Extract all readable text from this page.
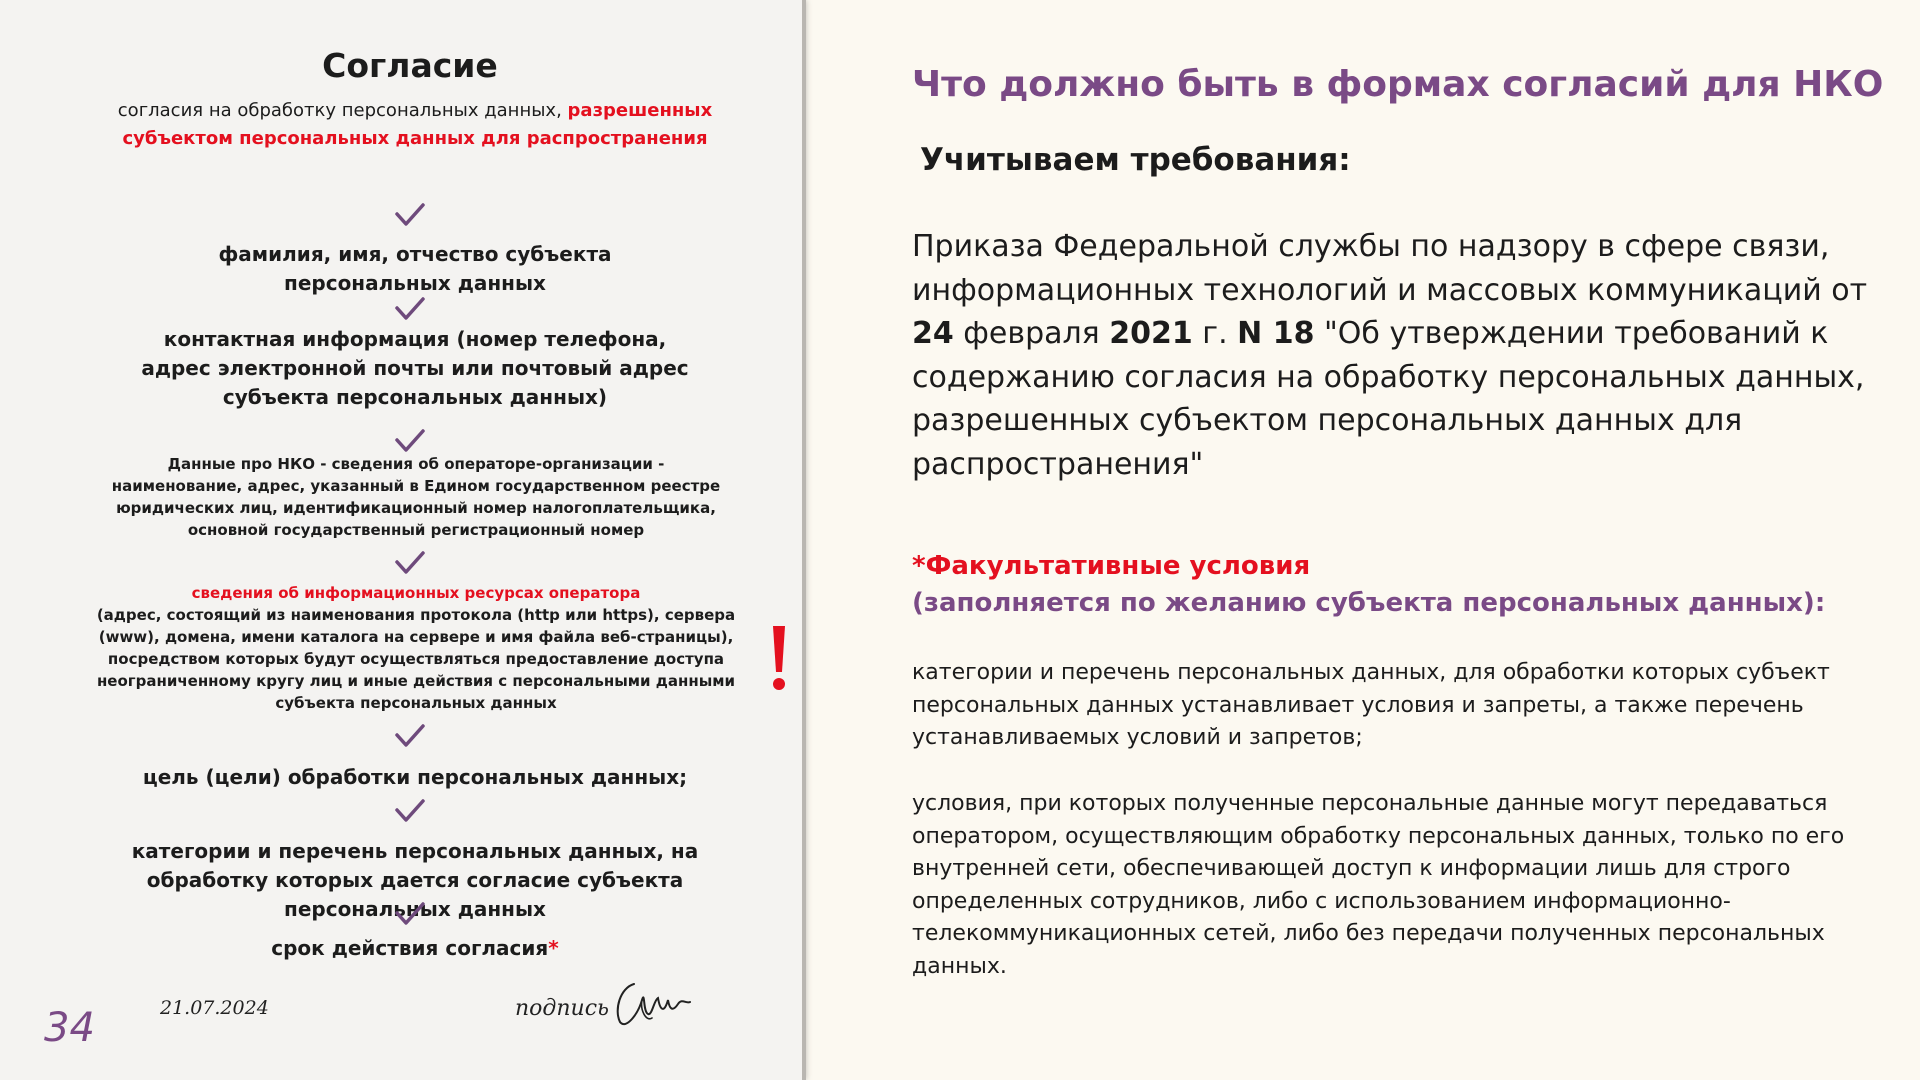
Согласие
согласия на обработку персональных данных, разрешенных субъектом персональных данных для распространения
фамилия, имя, отчество субъекта персональных данных
контактная информация (номер телефона, адрес электронной почты или почтовый адрес субъекта персональных данных)
Данные про НКО - сведения об операторе-организации - наименование, адрес, указанный в Едином государственном реестре юридических лиц, идентификационный номер налогоплательщика, основной государственный регистрационный номер
сведения об информационных ресурсах оператора
(адрес, состоящий из наименования протокола (http или https), сервера (www), домена, имени каталога на сервере и имя файла веб-страницы), посредством которых будут осуществляться предоставление доступа неограниченному кругу лиц и иные действия с персональными данными субъекта персональных данных
цель (цели) обработки персональных данных;
категории и перечень персональных данных, на обработку которых дается согласие субъекта персональных данных
срок действия согласия*
21.07.2024	подпись
34
Что должно быть в формах согласий для НКО
Учитываем требования:
Приказа Федеральной службы по надзору в сфере связи, информационных технологий и массовых коммуникаций от 24 февраля 2021 г. N 18 "Об утверждении требований к содержанию согласия на обработку персональных данных, разрешенных субъектом персональных данных для распространения"
*Факультативные условия
(заполняется по желанию субъекта персональных данных):
категории и перечень персональных данных, для обработки которых субъект персональных данных устанавливает условия и запреты, а также перечень устанавливаемых условий и запретов;
условия, при которых полученные персональные данные могут передаваться оператором, осуществляющим обработку персональных данных, только по его внутренней сети, обеспечивающей доступ к информации лишь для строго определенных сотрудников, либо с использованием информационно-телекоммуникационных сетей, либо без передачи полученных персональных данных.
